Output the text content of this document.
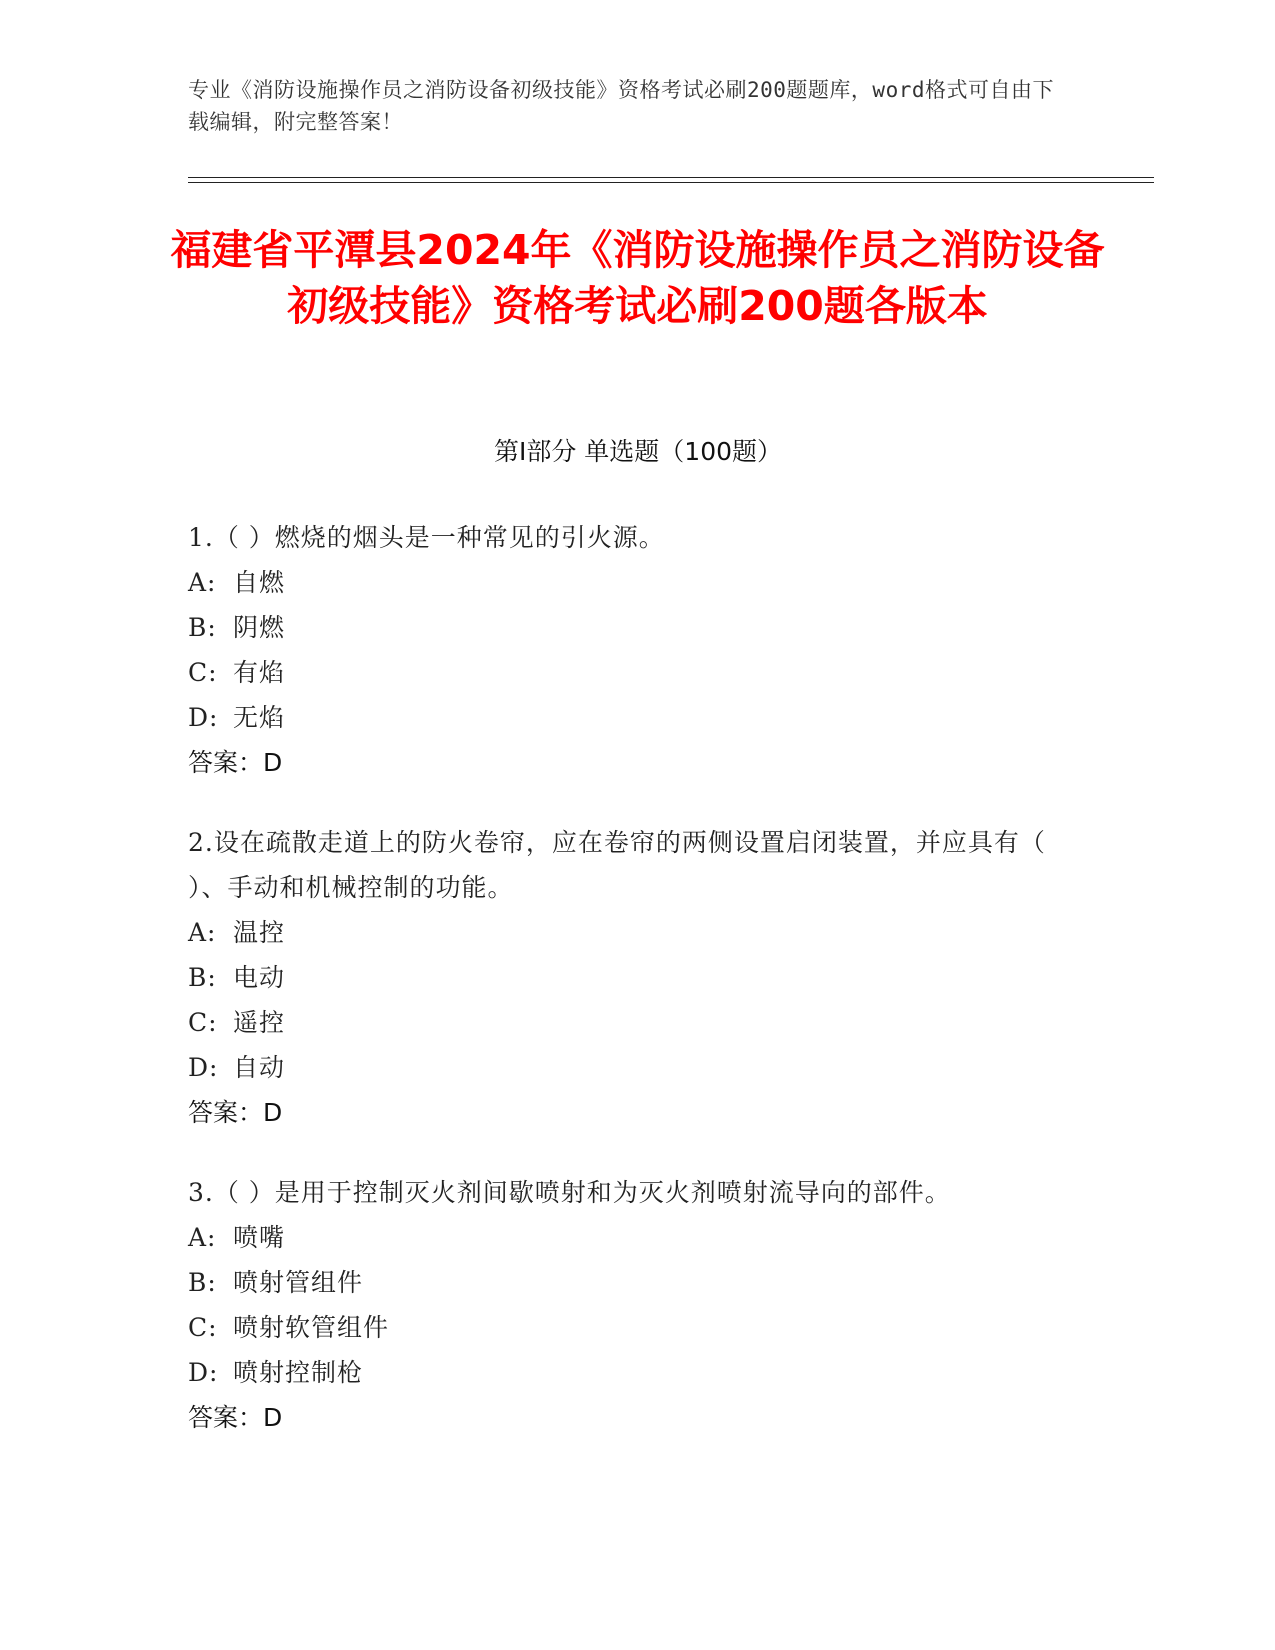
专业《消防设施操作员之消防设备初级技能》资格考试必刷200题题库，word格式可自由下载编辑，附完整答案！
福建省平潭县2024年《消防设施操作员之消防设备初级技能》资格考试必刷200题各版本
第I部分 单选题（100题）

1.（ ）燃烧的烟头是一种常见的引火源。

A: 自燃

B: 阴燃

C: 有焰

D: 无焰

答案：D

2.设在疏散走道上的防火卷帘，应在卷帘的两侧设置启闭装置，并应具有（ ）、手动和机械控制的功能。

A: 温控

B: 电动

C: 遥控

D: 自动

答案：D

3.（ ）是用于控制灭火剂间歇喷射和为灭火剂喷射流导向的部件。

A: 喷嘴

B: 喷射管组件

C: 喷射软管组件

D: 喷射控制枪

答案：D
